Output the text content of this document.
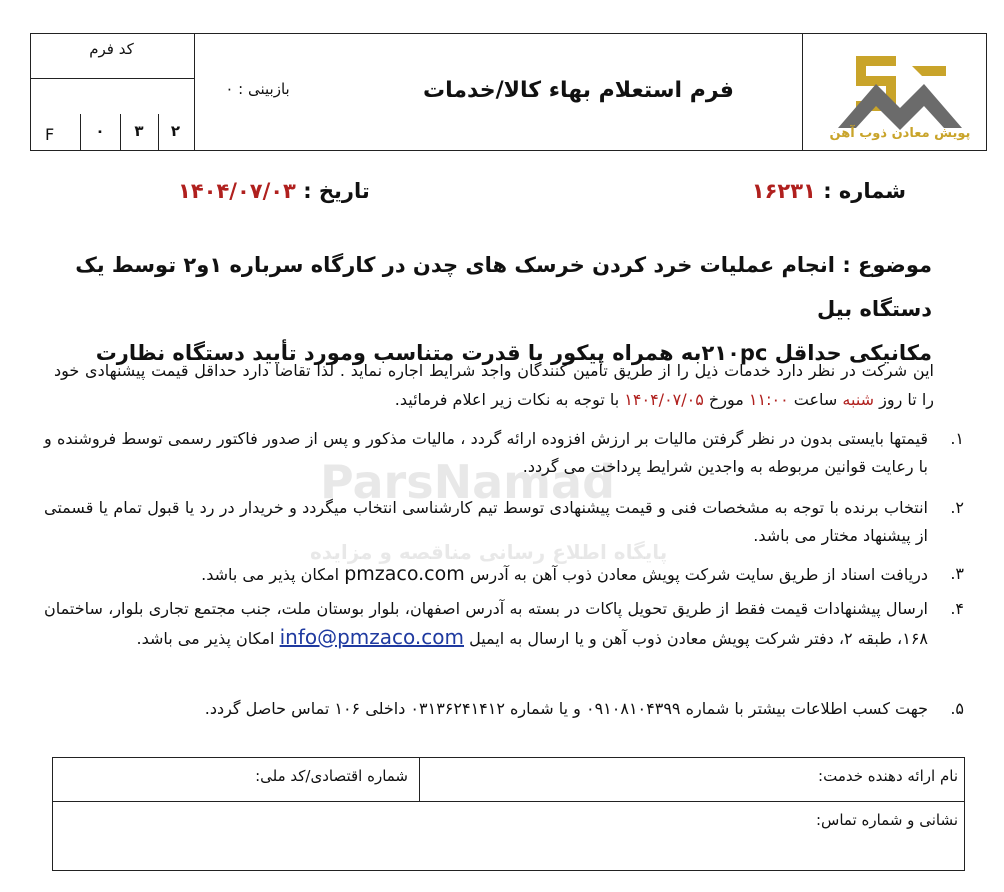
کد فرم
F	۰	۳	۲
بازبینی : ۰	فرم استعلام بهاء کالا/خدمات
پویش معادن ذوب آهن
شماره : ۱۶۲۳۱
تاریخ : ۱۴۰۴/۰۷/۰۳
ParsNamad
پایگاه اطلاع رسانی مناقصه و مزایده
موضوع : انجام عملیات خرد کردن خرسک های چدن در کارگاه سرباره ۱و۲ توسط یک دستگاه بیل
مکانیکی حداقل ۲۱۰pcبه همراه پیکور با قدرت متناسب ومورد تأیید دستگاه نظارت
این شرکت در نظر دارد خدمات ذیل را از طریق تأمین کنندگان واجد شرایط اجاره نماید . لذا تقاضا دارد حداقل قیمت پیشنهادی خود را تا روز شنبه ساعت ۱۱:۰۰ مورخ ۱۴۰۴/۰۷/۰۵ با توجه به نکات زیر اعلام فرمائید.
۱.
قیمتها بایستی بدون در نظر گرفتن مالیات بر ارزش افزوده ارائه گردد ، مالیات مذکور و پس از صدور فاکتور رسمی توسط فروشنده و با رعایت قوانین مربوطه به واجدین شرایط پرداخت می گردد.
۲.
انتخاب برنده با توجه به مشخصات فنی و قیمت پیشنهادی توسط تیم کارشناسی انتخاب میگردد و خریدار در رد یا قبول تمام یا قسمتی از پیشنهاد مختار می باشد.
۳.
دریافت اسناد از طریق سایت شرکت پویش معادن ذوب آهن به آدرس pmzaco.com امکان پذیر می باشد.
۴.
ارسال پیشنهادات قیمت فقط از طریق تحویل پاکات در بسته به آدرس اصفهان، بلوار بوستان ملت، جنب مجتمع تجاری بلوار، ساختمان ۱۶۸، طبقه ۲، دفتر شرکت پویش معادن ذوب آهن و یا ارسال به ایمیل info@pmzaco.com امکان پذیر می باشد.
۵.
جهت کسب اطلاعات بیشتر با شماره ۰۹۱۰۸۱۰۴۳۹۹ و یا شماره ۰۳۱۳۶۲۴۱۴۱۲ داخلی ۱۰۶ تماس حاصل گردد.
نام ارائه دهنده خدمت:
شماره اقتصادی/کد ملی:
نشانی و شماره تماس:
